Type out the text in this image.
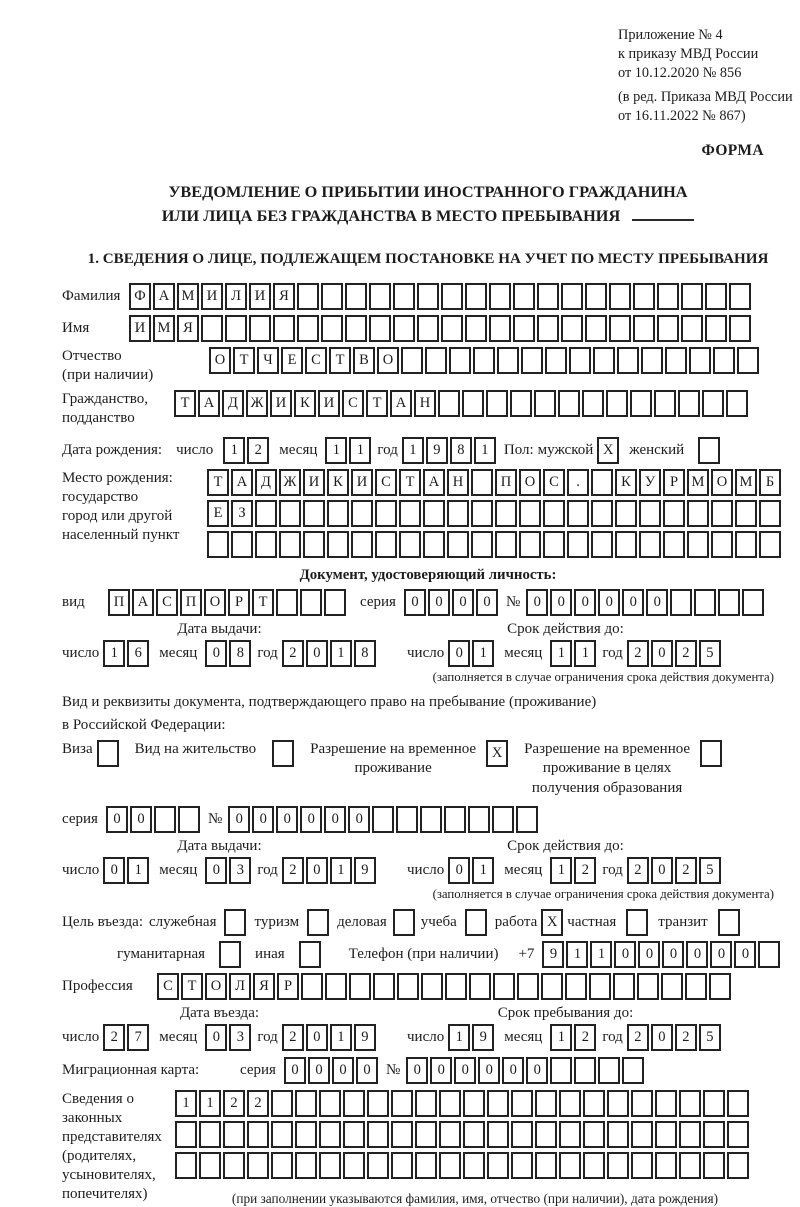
Приложение № 4
к приказу МВД России
от 10.12.2020 № 856
(в ред. Приказа МВД России
от 16.11.2022 № 867)
ФОРМА
УВЕДОМЛЕНИЕ О ПРИБЫТИИ ИНОСТРАННОГО ГРАЖДАНИНА
ИЛИ ЛИЦА БЕЗ ГРАЖДАНСТВА В МЕСТО ПРЕБЫВАНИЯ
1. СВЕДЕНИЯ О ЛИЦЕ, ПОДЛЕЖАЩЕМ ПОСТАНОВКЕ НА УЧЕТ ПО МЕСТУ ПРЕБЫВАНИЯ
Фамилия Ф А М И Л И Я
Имя	И М Я
Отчество
(при наличии)
О Т	Ч	Е	С	Т	В О
Гражданство,
подданство
Т А Д Ж И К И С	Т А Н
Дата рождения: число	1	2	месяц	1	1 год 1	9	8	1	Пол: мужской X	женский
Место рождения:
государство
город или другой
населенный пункт
Т А Д Ж И К И С	Т А Н	П О С	.	К У	Р М О М Б
Е	З
Документ, удостоверяющий личность:
вид	П А С П О	Р	Т	серия	0	0	0	0	№ 0	0	0	0	0	0
Дата выдачи:	Срок действия до:
число 1	6	месяц	0	8 год 2	0	1	8	число 0	1	месяц	1	1 год 2	0	2	5
(заполняется в случае ограничения срока действия документа)
Вид и реквизиты документа, подтверждающего право на пребывание (проживание)
в Российской Федерации:
Виза	Вид на жительство	Разрешение на временное
проживание
X	Разрешение на временное
проживание в целях
получения образования
серия	0	0	№ 0	0	0	0	0	0
Дата выдачи:	Срок действия до:
число 0	1	месяц	0	3 год 2	0	1	9	число 0	1	месяц	1	2 год 2	0	2	5
(заполняется в случае ограничения срока действия документа)
Цель въезда: служебная	туризм	деловая учеба	работа X частная	транзит
гуманитарная	иная	Телефон (при наличии) +7	9	1	1	0	0	0	0	0	0
Профессия	С	Т О Л Я	Р
Дата въезда:	Срок пребывания до:
число 2	7	месяц	0	3 год 2	0	1	9	число 1	9	месяц	1	2 год 2	0	2	5
Миграционная карта:	серия	0	0	0	0	№ 0	0	0	0	0	0
Сведения о
законных
представителях
(родителях,
усыновителях,
попечителях)
1	1	2	2
(при заполнении указываются фамилия, имя, отчество (при наличии), дата рождения)
